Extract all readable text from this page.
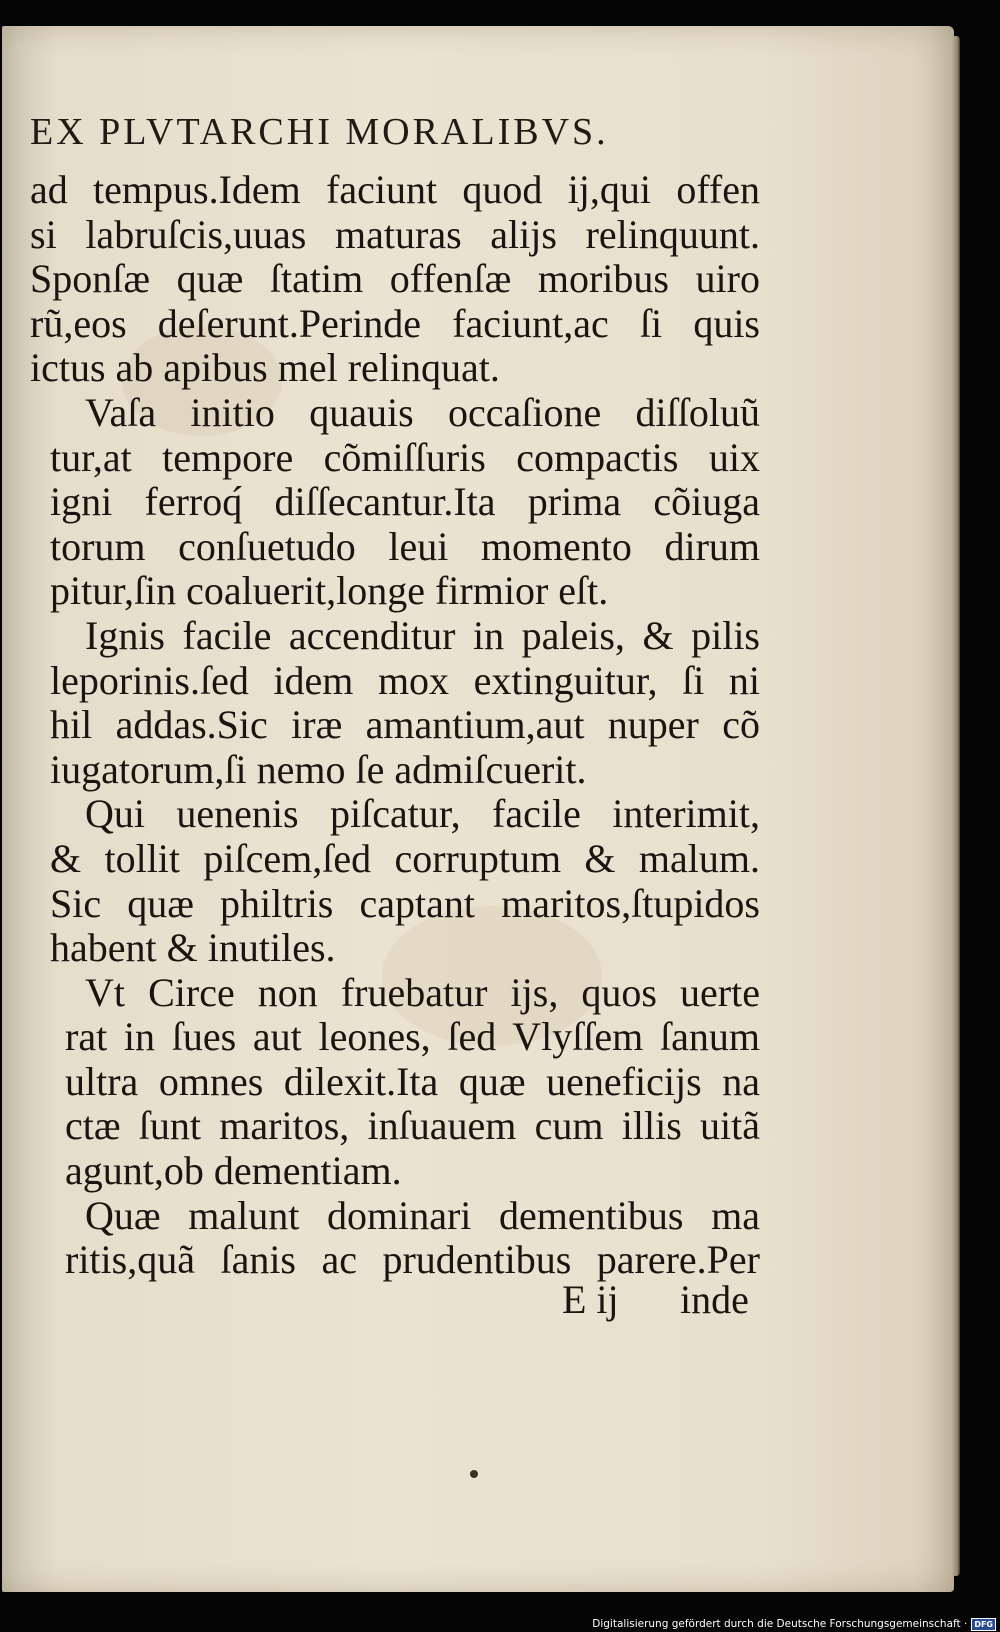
EX PLVTARCHI MORALIBVS.
ad tempus.Idem faciunt quod ij,qui offen
si labruſcis,uuas maturas alijs relinquunt.
Sponſæ quæ ſtatim offenſæ moribus uiro
rũ,eos deſerunt.Perinde faciunt,ac ſi quis
ictus ab apibus mel relinquat.
Vaſa initio quauis occaſione diſſoluũ
tur,at tempore cõmiſſuris compactis uix
igni ferroq́ diſſecantur.Ita prima cõiuga
torum conſuetudo leui momento dirum
pitur,ſin coaluerit,longe firmior eſt.
Ignis facile accenditur in paleis, & pilis
leporinis.ſed idem mox extinguitur, ſi ni
hil addas.Sic iræ amantium,aut nuper cõ
iugatorum,ſi nemo ſe admiſcuerit.
Qui uenenis piſcatur, facile interimit,
& tollit piſcem,ſed corruptum & malum.
Sic quæ philtris captant maritos,ſtupidos
habent & inutiles.
Vt Circe non fruebatur ijs, quos uerte
rat in ſues aut leones, ſed Vlyſſem ſanum
ultra omnes dilexit.Ita quæ ueneficijs na
ctæ ſunt maritos, inſuauem cum illis uitã
agunt,ob dementiam.
Quæ malunt dominari dementibus ma
ritis,quã ſanis ac prudentibus parere.Per
E ij inde
Digitalisierung gefördert durch die Deutsche Forschungsgemeinschaft · DFG
